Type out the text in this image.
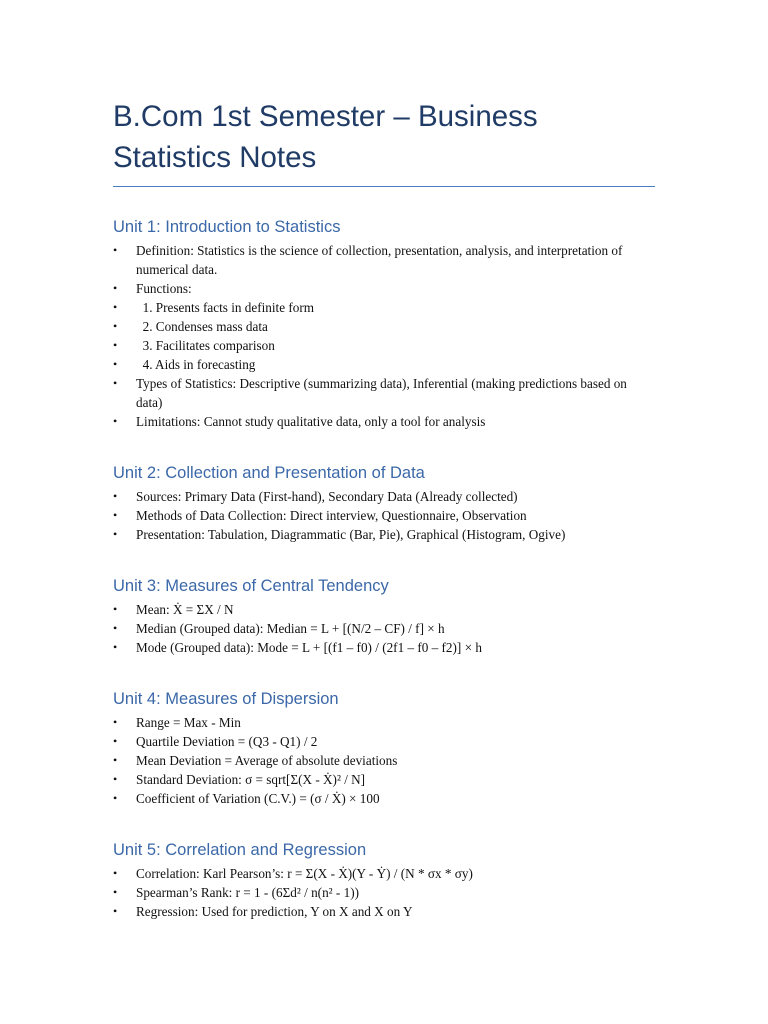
B.Com 1st Semester – Business
Statistics Notes
Unit 1: Introduction to Statistics
•	Definition: Statistics is the science of collection, presentation, analysis, and interpretation of numerical data.
•	Functions:
•	1. Presents facts in definite form
•	2. Condenses mass data
•	3. Facilitates comparison
•	4. Aids in forecasting
•	Types of Statistics: Descriptive (summarizing data), Inferential (making predictions based on data)
•	Limitations: Cannot study qualitative data, only a tool for analysis
Unit 2: Collection and Presentation of Data
•	Sources: Primary Data (First-hand), Secondary Data (Already collected)
•	Methods of Data Collection: Direct interview, Questionnaire, Observation
•	Presentation: Tabulation, Diagrammatic (Bar, Pie), Graphical (Histogram, Ogive)
Unit 3: Measures of Central Tendency
•	Mean: Ẋ = ΣX / N
•	Median (Grouped data): Median = L + [(N/2 – CF) / f] × h
•	Mode (Grouped data): Mode = L + [(f1 – f0) / (2f1 – f0 – f2)] × h
Unit 4: Measures of Dispersion
•	Range = Max - Min
•	Quartile Deviation = (Q3 - Q1) / 2
•	Mean Deviation = Average of absolute deviations
•	Standard Deviation: σ = sqrt[Σ(X - Ẋ)² / N]
•	Coefficient of Variation (C.V.) = (σ / Ẋ) × 100
Unit 5: Correlation and Regression
•	Correlation: Karl Pearson’s: r = Σ(X - Ẋ)(Y - Ẏ) / (N * σx * σy)
•	Spearman’s Rank: r = 1 - (6Σd² / n(n² - 1))
•	Regression: Used for prediction, Y on X and X on Y
